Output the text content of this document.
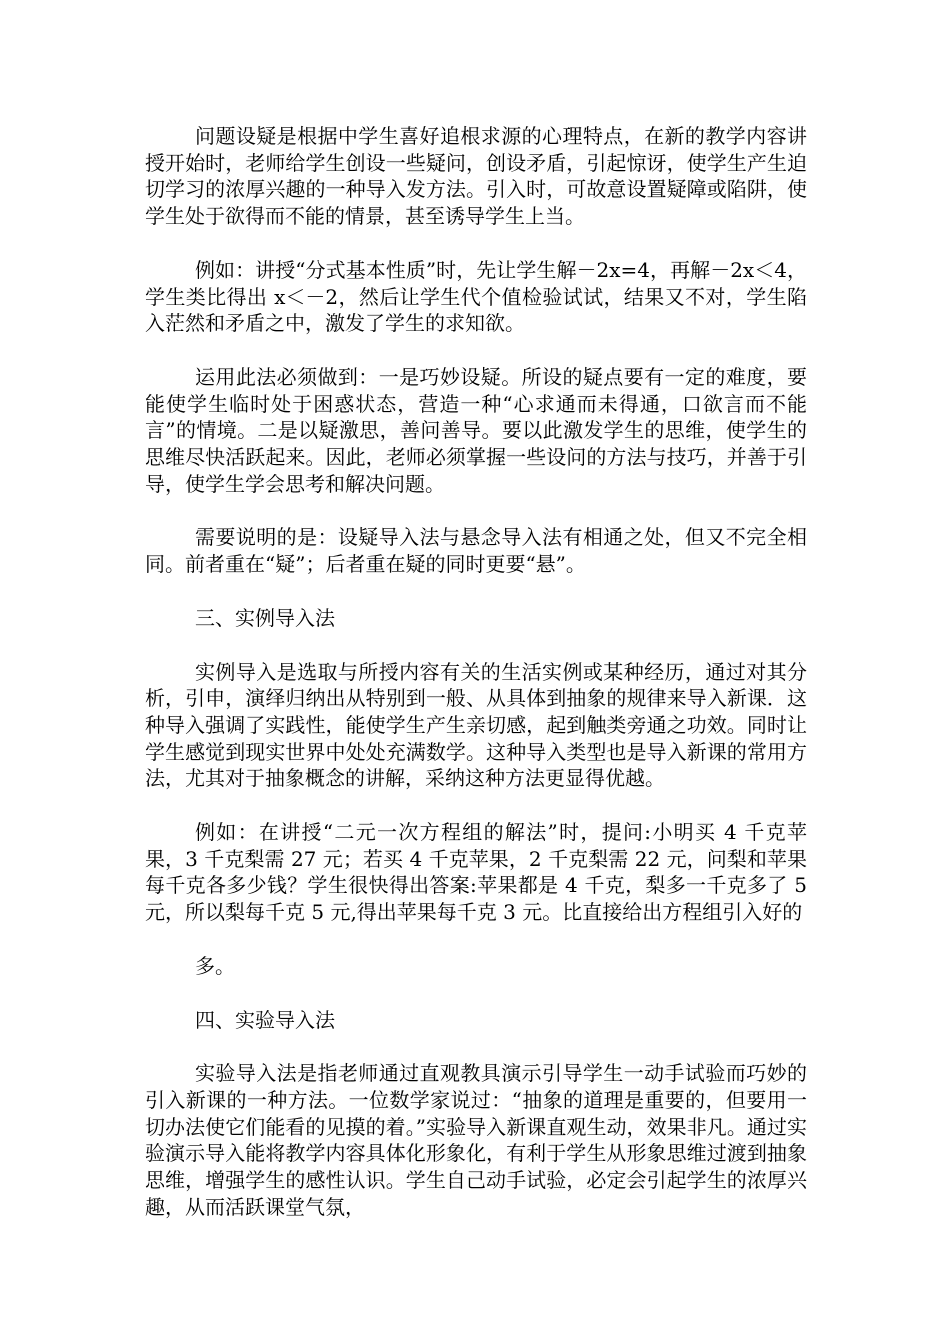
问题设疑是根据中学生喜好追根求源的心理特点，在新的教学内容讲授开始时，老师给学生创设一些疑问，创设矛盾，引起惊讶，使学生产生迫切学习的浓厚兴趣的一种导入发方法。引入时，可故意设置疑障或陷阱，使学生处于欲得而不能的情景，甚至诱导学生上当。

例如：讲授“分式基本性质”时，先让学生解－2x=4，再解－2x＜4，学生类比得出 x＜－2，然后让学生代个值检验试试，结果又不对，学生陷入茫然和矛盾之中，激发了学生的求知欲。

运用此法必须做到：一是巧妙设疑。所设的疑点要有一定的难度，要能使学生临时处于困惑状态，营造一种“心求通而未得通，口欲言而不能言”的情境。二是以疑激思，善问善导。要以此激发学生的思维，使学生的思维尽快活跃起来。因此，老师必须掌握一些设问的方法与技巧，并善于引导，使学生学会思考和解决问题。

需要说明的是：设疑导入法与悬念导入法有相通之处，但又不完全相同。前者重在“疑”；后者重在疑的同时更要“悬”。

三、实例导入法

实例导入是选取与所授内容有关的生活实例或某种经历，通过对其分析，引申，演绎归纳出从特别到一般、从具体到抽象的规律来导入新课．这种导入强调了实践性，能使学生产生亲切感，起到触类旁通之功效。同时让学生感觉到现实世界中处处充满数学。这种导入类型也是导入新课的常用方法，尤其对于抽象概念的讲解，采纳这种方法更显得优越。

例如：在讲授“二元一次方程组的解法”时，提问:小明买 4 千克苹果，3 千克梨需 27 元；若买 4 千克苹果，2 千克梨需 22 元，问梨和苹果每千克各多少钱？学生很快得出答案:苹果都是 4 千克，梨多一千克多了 5 元，所以梨每千克 5 元,得出苹果每千克 3 元。比直接给出方程组引入好的

多。

四、实验导入法

实验导入法是指老师通过直观教具演示引导学生一动手试验而巧妙的引入新课的一种方法。一位数学家说过：“抽象的道理是重要的，但要用一切办法使它们能看的见摸的着。”实验导入新课直观生动，效果非凡。通过实验演示导入能将教学内容具体化形象化，有利于学生从形象思维过渡到抽象思维，增强学生的感性认识。学生自己动手试验，必定会引起学生的浓厚兴趣，从而活跃课堂气氛，
